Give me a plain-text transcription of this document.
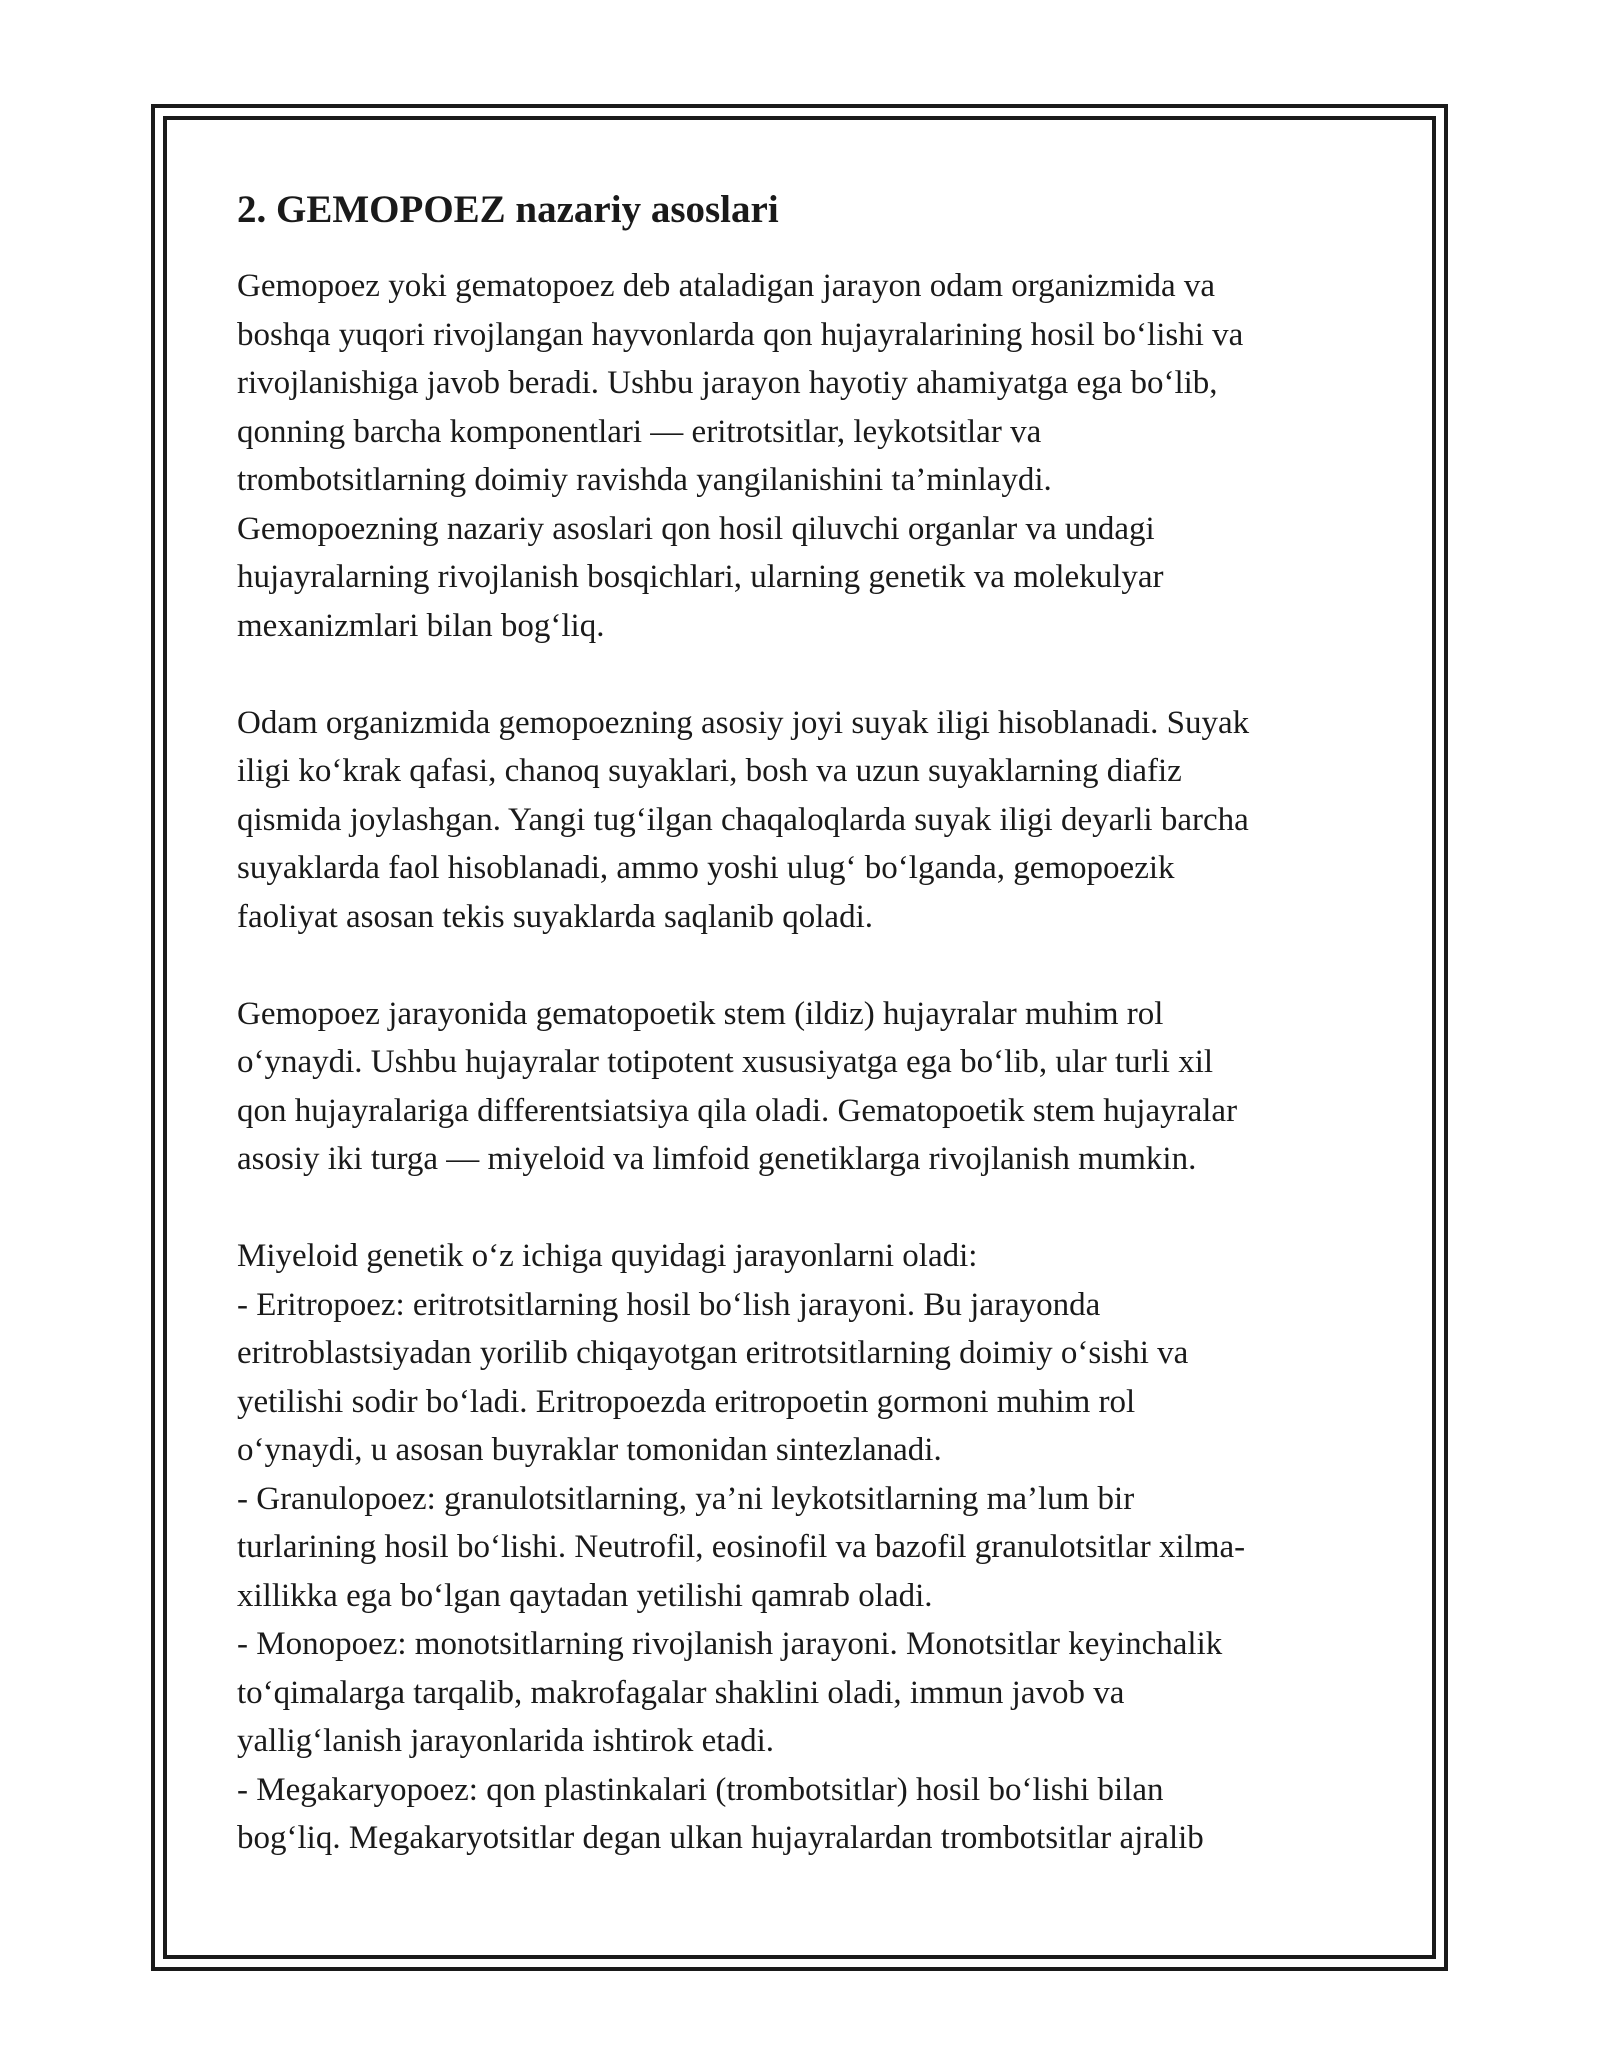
2. GEMOPOEZ nazariy asoslari
Gemopoez yoki gematopoez deb ataladigan jarayon odam organizmida va
boshqa yuqori rivojlangan hayvonlarda qon hujayralarining hosil bo‘lishi va
rivojlanishiga javob beradi. Ushbu jarayon hayotiy ahamiyatga ega bo‘lib,
qonning barcha komponentlari — eritrotsitlar, leykotsitlar va
trombotsitlarning doimiy ravishda yangilanishini ta’minlaydi.
Gemopoezning nazariy asoslari qon hosil qiluvchi organlar va undagi
hujayralarning rivojlanish bosqichlari, ularning genetik va molekulyar
mexanizmlari bilan bog‘liq.
Odam organizmida gemopoezning asosiy joyi suyak iligi hisoblanadi. Suyak
iligi ko‘krak qafasi, chanoq suyaklari, bosh va uzun suyaklarning diafiz
qismida joylashgan. Yangi tug‘ilgan chaqaloqlarda suyak iligi deyarli barcha
suyaklarda faol hisoblanadi, ammo yoshi ulug‘ bo‘lganda, gemopoezik
faoliyat asosan tekis suyaklarda saqlanib qoladi.
Gemopoez jarayonida gematopoetik stem (ildiz) hujayralar muhim rol
o‘ynaydi. Ushbu hujayralar totipotent xususiyatga ega bo‘lib, ular turli xil
qon hujayralariga differentsiatsiya qila oladi. Gematopoetik stem hujayralar
asosiy iki turga — miyeloid va limfoid genetiklarga rivojlanish mumkin.
Miyeloid genetik o‘z ichiga quyidagi jarayonlarni oladi:
- Eritropoez: eritrotsitlarning hosil bo‘lish jarayoni. Bu jarayonda
eritroblastsiyadan yorilib chiqayotgan eritrotsitlarning doimiy o‘sishi va
yetilishi sodir bo‘ladi. Eritropoezda eritropoetin gormoni muhim rol
o‘ynaydi, u asosan buyraklar tomonidan sintezlanadi.
- Granulopoez: granulotsitlarning, ya’ni leykotsitlarning ma’lum bir
turlarining hosil bo‘lishi. Neutrofil, eosinofil va bazofil granulotsitlar xilma-
xillikka ega bo‘lgan qaytadan yetilishi qamrab oladi.
- Monopoez: monotsitlarning rivojlanish jarayoni. Monotsitlar keyinchalik
to‘qimalarga tarqalib, makrofagalar shaklini oladi, immun javob va
yallig‘lanish jarayonlarida ishtirok etadi.
- Megakaryopoez: qon plastinkalari (trombotsitlar) hosil bo‘lishi bilan
bog‘liq. Megakaryotsitlar degan ulkan hujayralardan trombotsitlar ajralib
